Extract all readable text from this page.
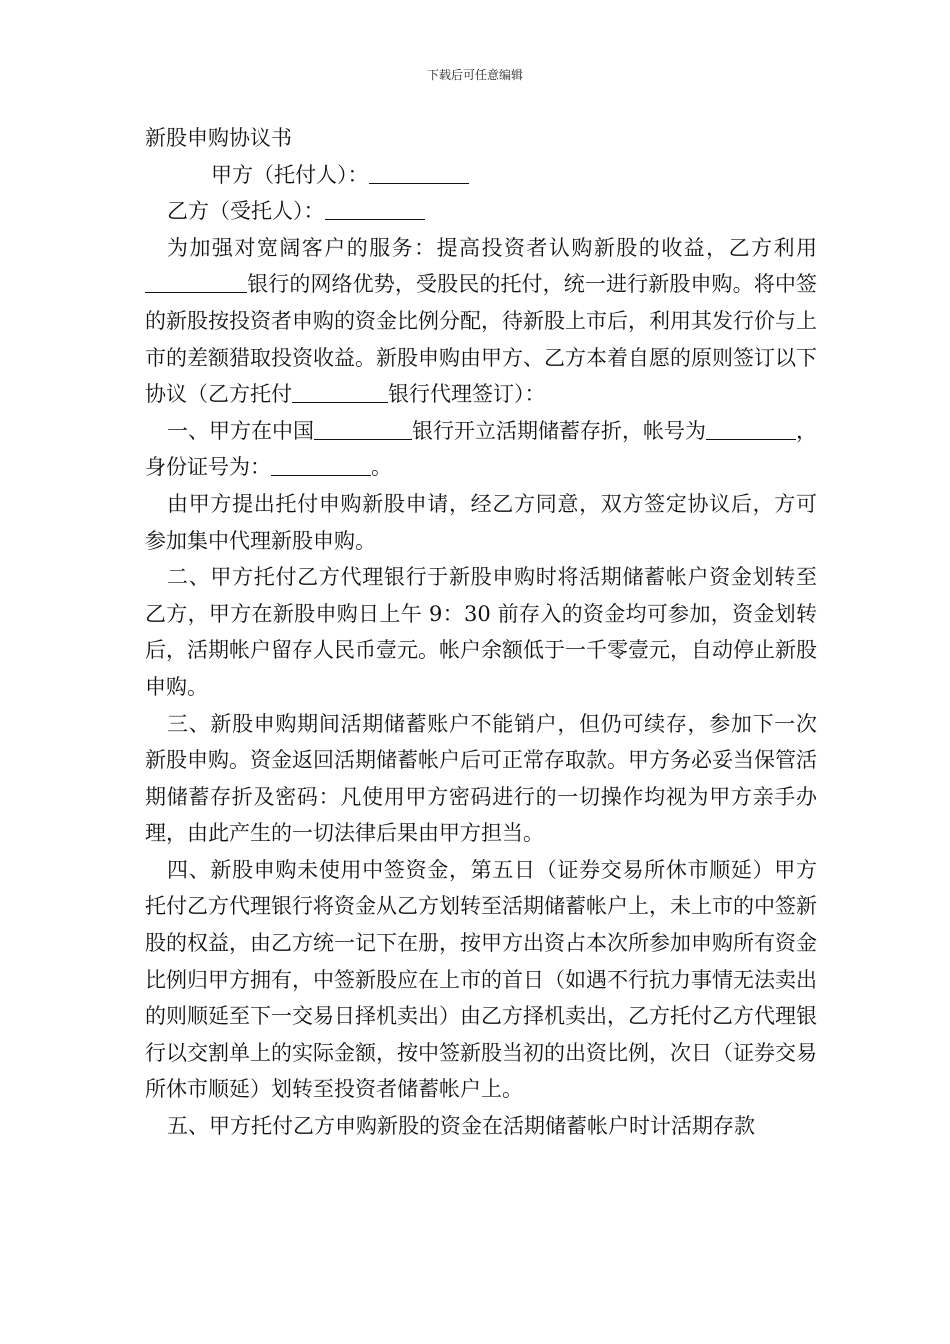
下载后可任意编辑

新股申购协议书

甲方（托付人）：

乙方（受托人）：

为加强对宽阔客户的服务：提高投资者认购新股的收益，乙方利用银行的网络优势，受股民的托付，统一进行新股申购。将中签的新股按投资者申购的资金比例分配，待新股上市后，利用其发行价与上市的差额猎取投资收益。新股申购由甲方、乙方本着自愿的原则签订以下协议（乙方托付	银行代理签订）：

一、甲方在中国	银行开立活期储蓄存折，帐号为	，身份证号为：	。

由甲方提出托付申购新股申请，经乙方同意，双方签定协议后，方可参加集中代理新股申购。

二、甲方托付乙方代理银行于新股申购时将活期储蓄帐户资金划转至乙方，甲方在新股申购日上午 9：30 前存入的资金均可参加，资金划转后，活期帐户留存人民币壹元。帐户余额低于一千零壹元，自动停止新股申购。

三、新股申购期间活期储蓄账户不能销户，但仍可续存，参加下一次新股申购。资金返回活期储蓄帐户后可正常存取款。甲方务必妥当保管活期储蓄存折及密码：凡使用甲方密码进行的一切操作均视为甲方亲手办理，由此产生的一切法律后果由甲方担当。

四、新股申购未使用中签资金，第五日（证券交易所休市顺延）甲方托付乙方代理银行将资金从乙方划转至活期储蓄帐户上，未上市的中签新股的权益，由乙方统一记下在册，按甲方出资占本次所参加申购所有资金比例归甲方拥有，中签新股应在上市的首日（如遇不行抗力事情无法卖出的则顺延至下一交易日择机卖出）由乙方择机卖出，乙方托付乙方代理银行以交割单上的实际金额，按中签新股当初的出资比例，次日（证券交易所休市顺延）划转至投资者储蓄帐户上。

五、甲方托付乙方申购新股的资金在活期储蓄帐户时计活期存款
